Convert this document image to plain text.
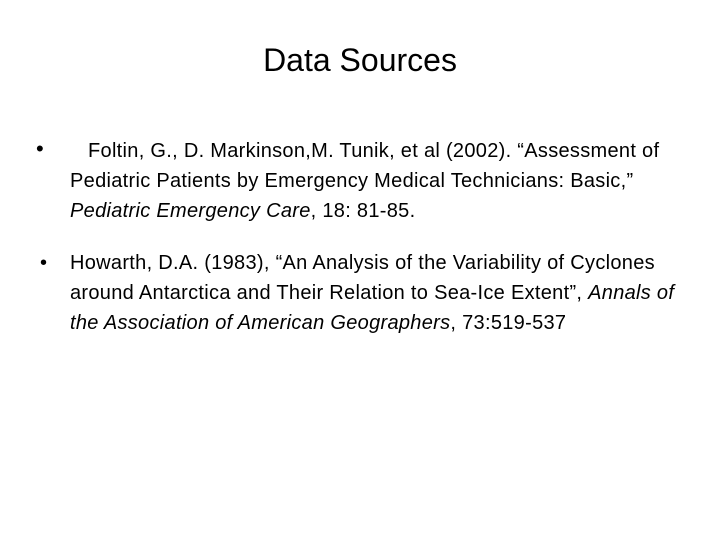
Data Sources
•	Foltin, G., D. Markinson,M. Tunik, et al (2002). “Assessment of Pediatric Patients by Emergency Medical Technicians: Basic,” Pediatric Emergency Care, 18: 81-85.
•	Howarth, D.A. (1983), “An Analysis of the Variability of Cyclones around Antarctica and Their Relation to Sea-Ice Extent”, Annals of the Association of American Geographers, 73:519-537
